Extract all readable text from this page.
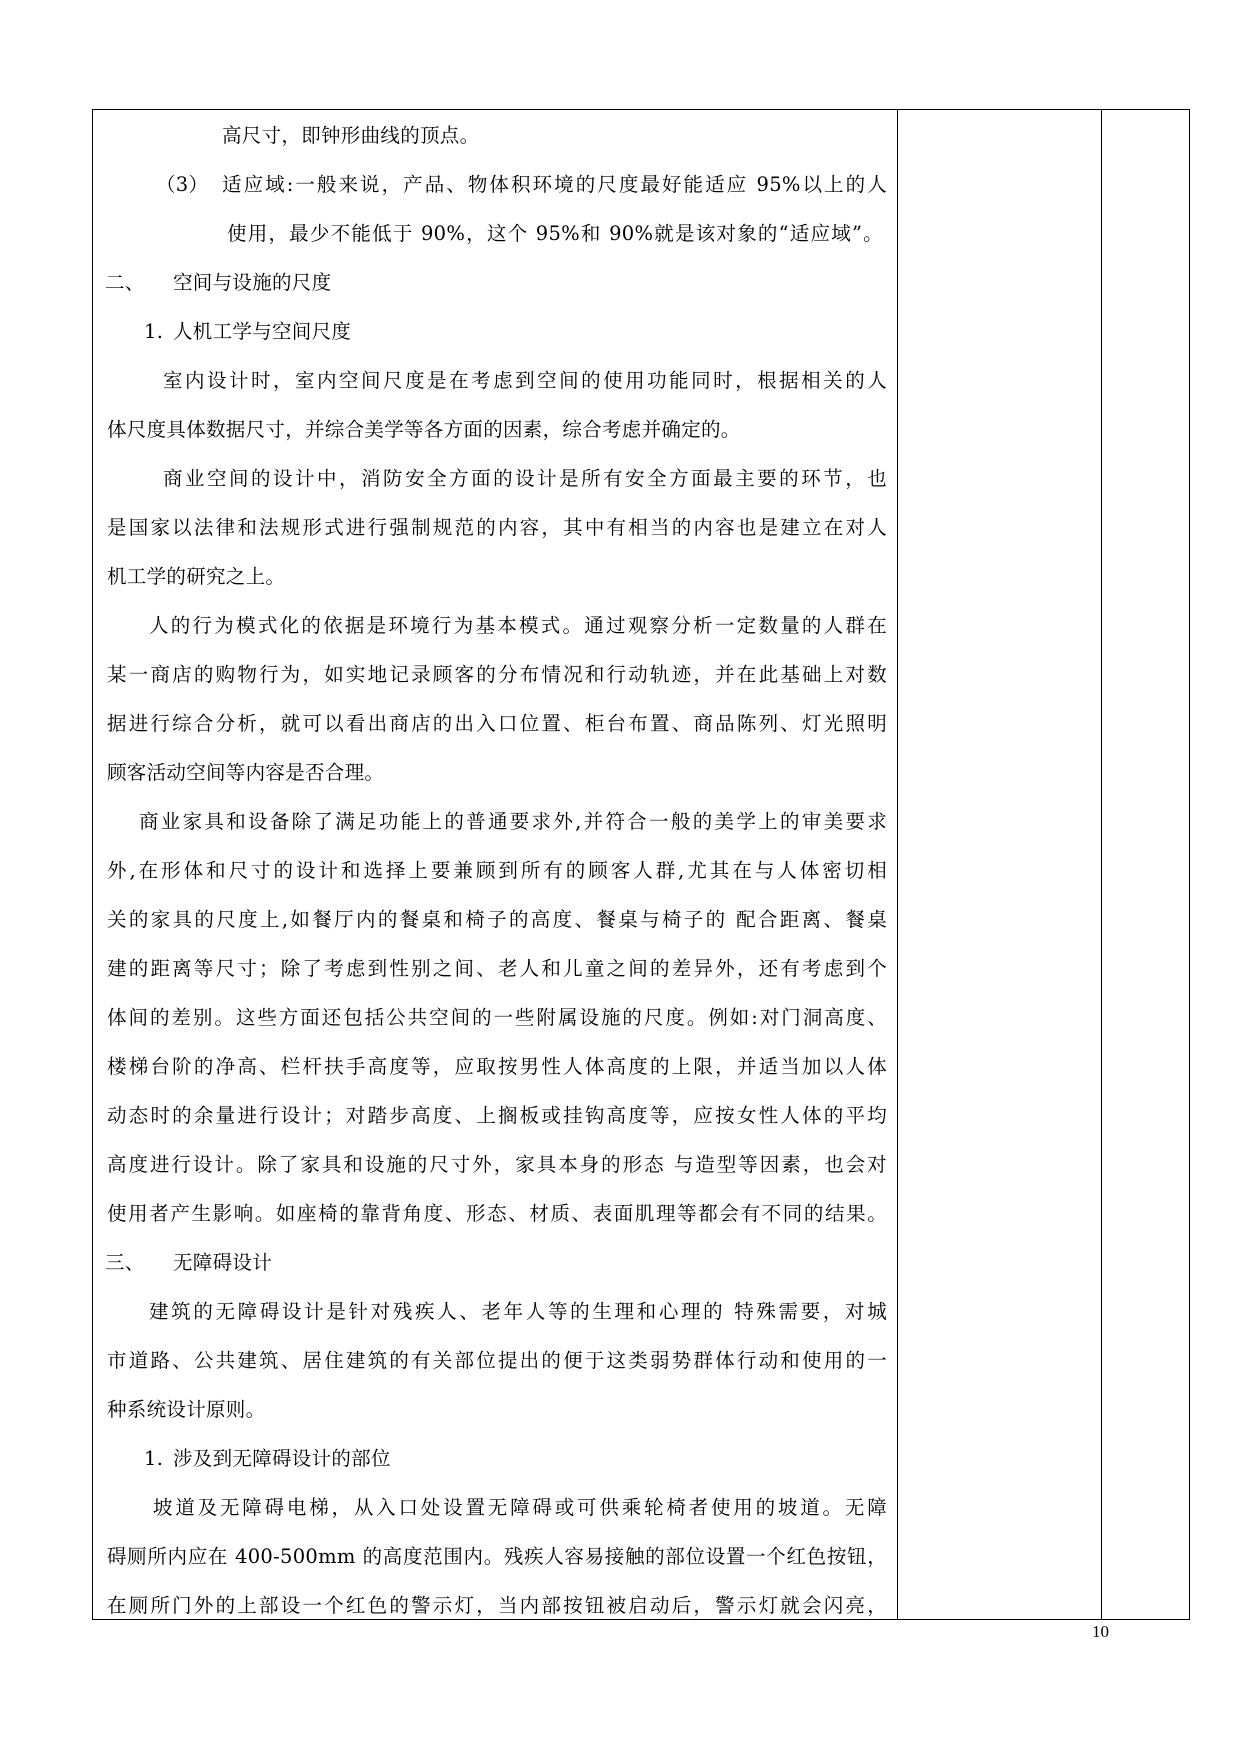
高尺寸，即钟形曲线的顶点。
（3） 适应域:一般来说，产品、物体积环境的尺度最好能适应 95%以上的人
使用，最少不能低于 90%，这个 95%和 90%就是该对象的“适应域”。
二、	空间与设施的尺度
1. 人机工学与空间尺度
室内设计时，室内空间尺度是在考虑到空间的使用功能同时，根据相关的人
体尺度具体数据尺寸，并综合美学等各方面的因素，综合考虑并确定的。
商业空间的设计中，消防安全方面的设计是所有安全方面最主要的环节，也
是国家以法律和法规形式进行强制规范的内容，其中有相当的内容也是建立在对人
机工学的研究之上。
人的行为模式化的依据是环境行为基本模式。通过观察分析一定数量的人群在
某一商店的购物行为，如实地记录顾客的分布情况和行动轨迹，并在此基础上对数
据进行综合分析，就可以看出商店的出入口位置、柜台布置、商品陈列、灯光照明
顾客活动空间等内容是否合理。
商业家具和设备除了满足功能上的普通要求外,并符合一般的美学上的审美要求
外,在形体和尺寸的设计和选择上要兼顾到所有的顾客人群,尤其在与人体密切相
关的家具的尺度上,如餐厅内的餐桌和椅子的高度、餐桌与椅子的 配合距离、餐桌
建的距离等尺寸；除了考虑到性别之间、老人和儿童之间的差异外，还有考虑到个
体间的差别。这些方面还包括公共空间的一些附属设施的尺度。例如:对门洞高度、
楼梯台阶的净高、栏杆扶手高度等，应取按男性人体高度的上限，并适当加以人体
动态时的余量进行设计；对踏步高度、上搁板或挂钩高度等，应按女性人体的平均
高度进行设计。除了家具和设施的尺寸外，家具本身的形态 与造型等因素，也会对
使用者产生影响。如座椅的靠背角度、形态、材质、表面肌理等都会有不同的结果。
三、	无障碍设计
建筑的无障碍设计是针对残疾人、老年人等的生理和心理的 特殊需要，对城
市道路、公共建筑、居住建筑的有关部位提出的便于这类弱势群体行动和使用的一
种系统设计原则。
1. 涉及到无障碍设计的部位
坡道及无障碍电梯，从入口处设置无障碍或可供乘轮椅者使用的坡道。无障
碍厕所内应在 400-500mm 的高度范围内。残疾人容易接触的部位设置一个红色按钮，
在厕所门外的上部设一个红色的警示灯，当内部按钮被启动后，警示灯就会闪亮，
10
